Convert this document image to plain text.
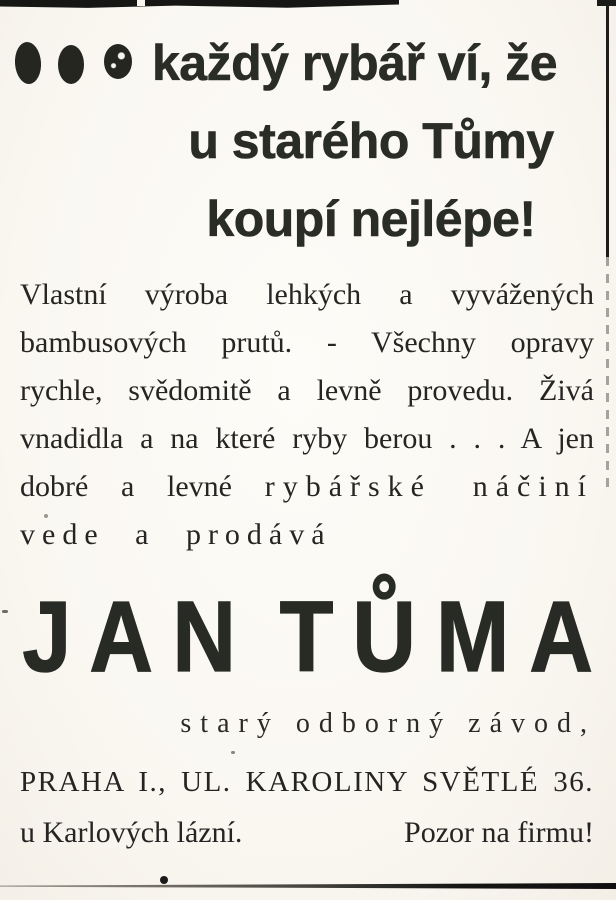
každý rybář ví, že
u starého Tůmy
koupí nejlépe!
Vlastní výroba lehkých a vyvážených
bambusových prutů. - Všechny opravy
rychle, svědomitě a levně provedu. Živá
vnadidla a na které ryby berou . . . A jen
dobré a levné rybářské náčiní
vede a prodává
J A N T Ů M A
starý odborný závod,
PRAHA I., UL. KAROLINY SVĚTLÉ 36.
u Karlových lázní.	Pozor na firmu!
